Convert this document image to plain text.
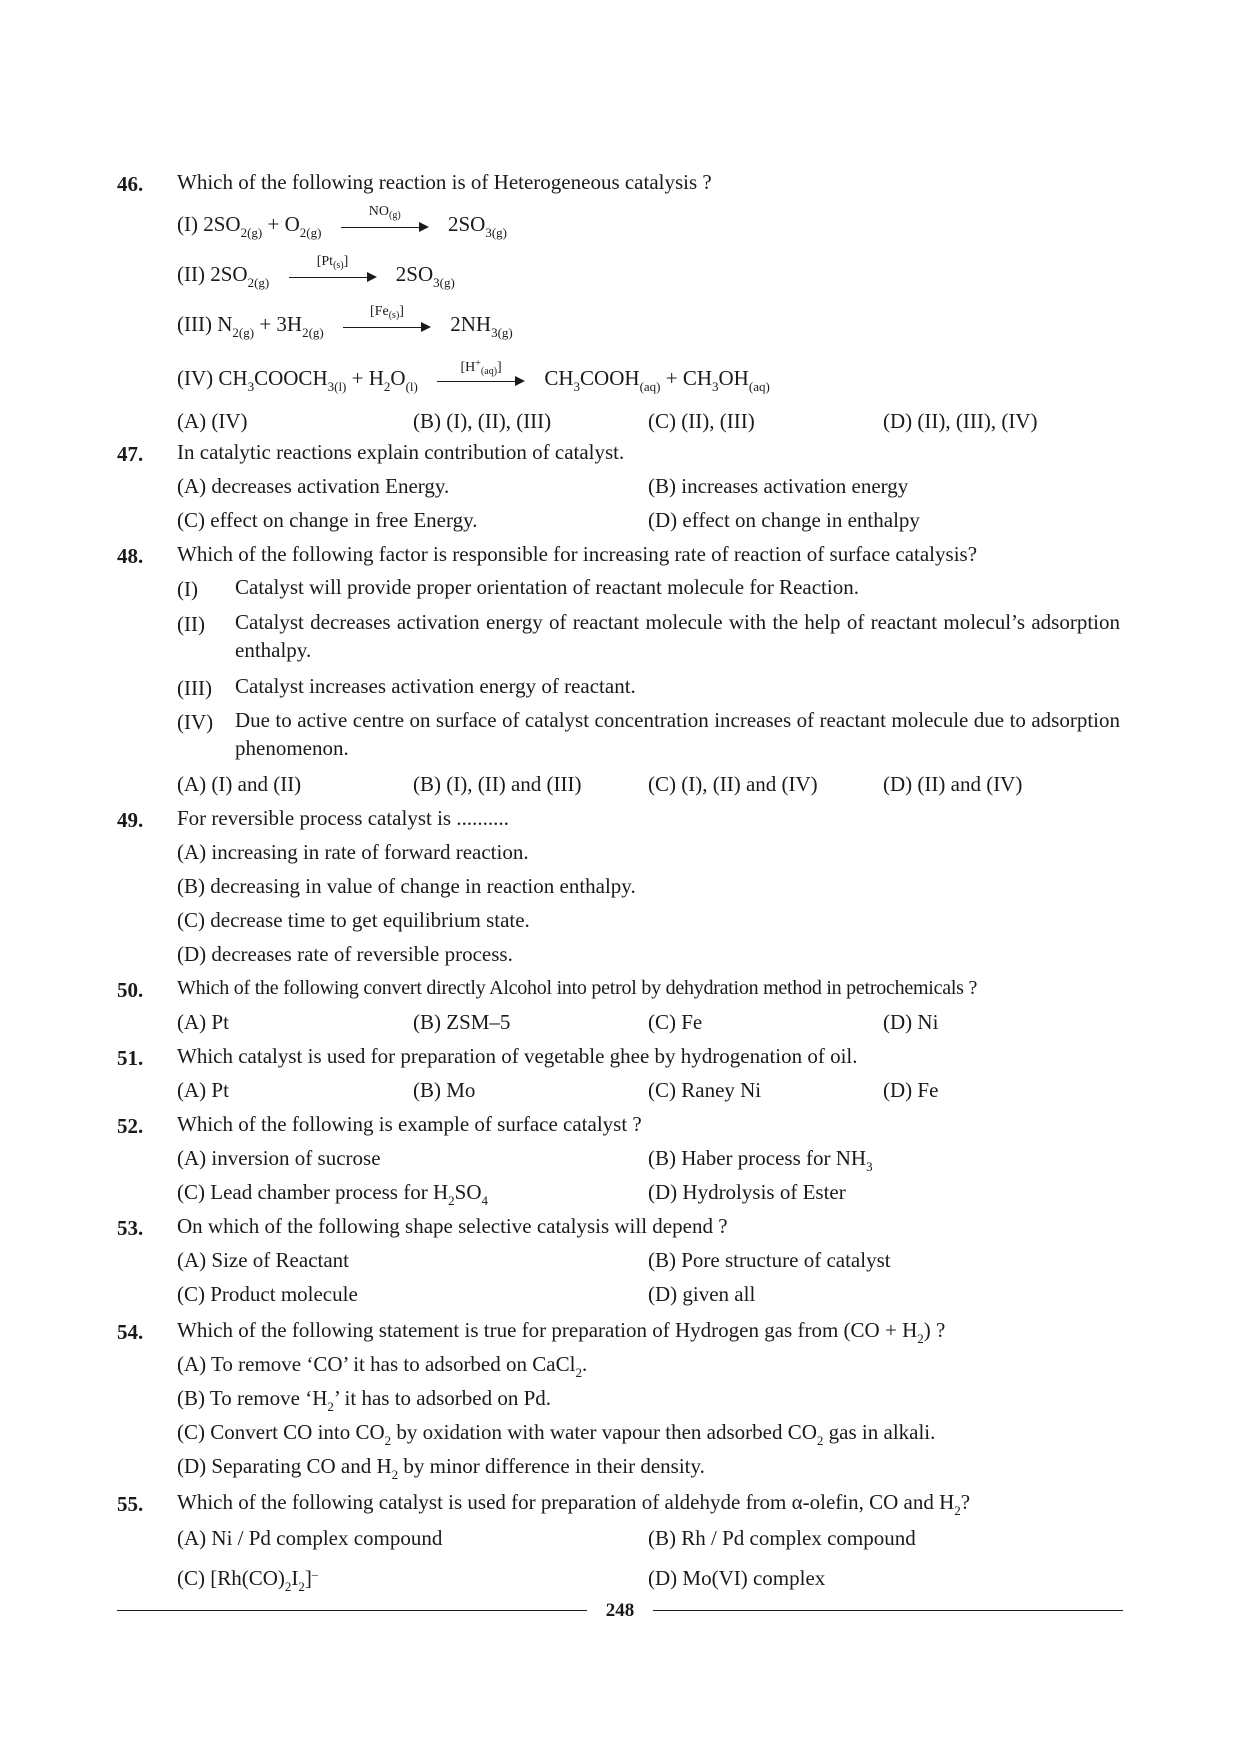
46. Which of the following reaction is of Heterogeneous catalysis ?
(I) $2SO_{2(g)} + O_{2(g)}$
$NO_{(g)}$	$2SO_{3(g)}$
(II) $2SO_{2(g)}$
$[Pt_{(s)}]$
$2SO_{3(g)}$
(III) $N_{2(g)} + 3H_{2(g)}$
$[Fe_{(s)}]$
$2NH_{3(g)}$
(IV) $CH_3COOCH_{3(l)} + H_2O_{(l)}$
$[H^+_{(aq)}]$	$CH_3COOH_{(aq)} + CH_3OH_{(aq)}$
(A) (IV)	(B) (I), (II), (III)	(C) (II), (III)	(D) (II), (III), (IV)
47. In catalytic reactions explain contribution of catalyst.
(A) decreases activation Energy.	(B) increases activation energy
(C) effect on change in free Energy.	(D) effect on change in enthalpy
48. Which of the following factor is responsible for increasing rate of reaction of surface catalysis?
(I) Catalyst will provide proper orientation of reactant molecule for Reaction.
(II) Catalyst decreases activation energy of reactant molecule with the help of reactant molecul’s adsorption enthalpy.
(III) Catalyst increases activation energy of reactant.
(IV) Due to active centre on surface of catalyst concentration increases of reactant molecule due to adsorption phenomenon.
(A) (I) and (II)	(B) (I), (II) and (III)	(C) (I), (II) and (IV)	(D) (II) and (IV)
49. For reversible process catalyst is ..........
(A) increasing in rate of forward reaction.
(B) decreasing in value of change in reaction enthalpy.
(C) decrease time to get equilibrium state.
(D) decreases rate of reversible process.
50. Which of the following convert directly Alcohol into petrol by dehydration method in petrochemicals ?
(A) Pt	(B) ZSM–5	(C) Fe	(D) Ni
51. Which catalyst is used for preparation of vegetable ghee by hydrogenation of oil.
(A) Pt	(B) Mo	(C) Raney Ni	(D) Fe
52. Which of the following is example of surface catalyst ?
(A) inversion of sucrose	(B) Haber process for $NH_3$
(C) Lead chamber process for $H_2SO_4$	(D) Hydrolysis of Ester
53. On which of the following shape selective catalysis will depend ?
(A) Size of Reactant	(B) Pore structure of catalyst
(C) Product molecule	(D) given all
54. Which of the following statement is true for preparation of Hydrogen gas from $(CO + H_2)$ ?
(A) To remove ‘CO’ it has to adsorbed on CaCl$_2$.
(B) To remove ‘$H_2$’ it has to adsorbed on Pd.
(C) Convert CO into $CO_2$ by oxidation with water vapour then adsorbed $CO_2$ gas in alkali.
(D) Separating CO and $H_2$ by minor difference in their density.
55. Which of the following catalyst is used for preparation of aldehyde from α-olefin, CO and $H_2$?
(A) Ni / Pd complex compound	(B) Rh / Pd complex compound
(C) $[Rh(CO)_2I_2]^-$	(D) Mo(VI) complex
248
